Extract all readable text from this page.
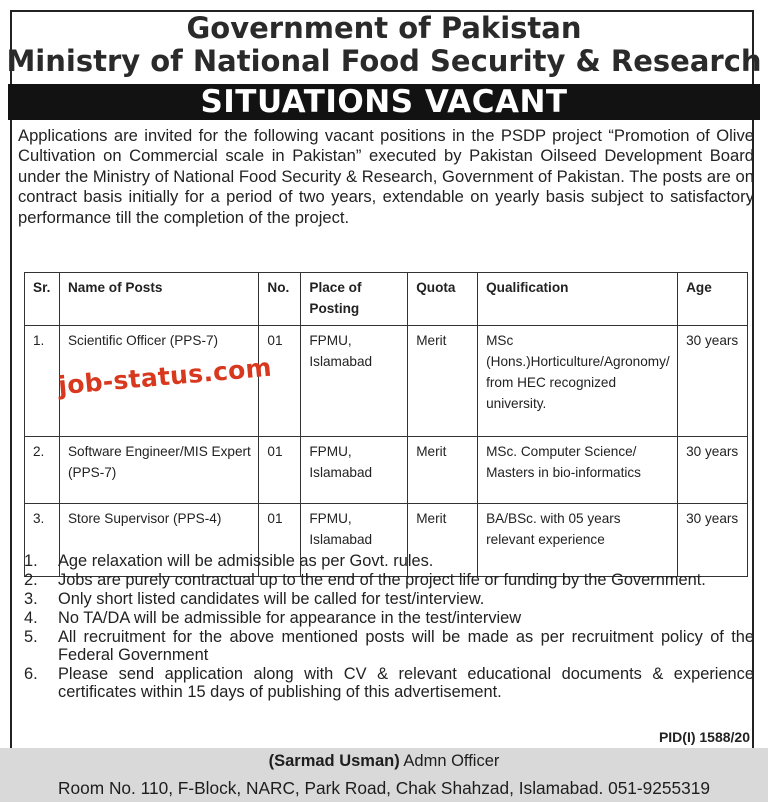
Government of Pakistan
Ministry of National Food Security & Research
SITUATIONS VACANT
Applications are invited for the following vacant positions in the PSDP project “Promotion of Olive Cultivation on Commercial scale in Pakistan” executed by Pakistan Oilseed Development Board under the Ministry of National Food Security & Research, Government of Pakistan. The posts are on contract basis initially for a period of two years, extendable on yearly basis subject to satisfactory performance till the completion of the project.
Sr.	Name of Posts	No.	Place of Posting	Quota	Qualification	Age
1.	Scientific Officer (PPS-7)	01	FPMU, Islamabad	Merit	MSc (Hons.)Horticulture/Agronomy/ from HEC recognized university.	30 years
2.	Software Engineer/MIS Expert (PPS-7)	01	FPMU, Islamabad	Merit	MSc. Computer Science/ Masters in bio-informatics	30 years
3.	Store Supervisor (PPS-4)	01	FPMU, Islamabad	Merit	BA/BSc. with 05 years relevant experience	30 years
job-status.com
1. Age relaxation will be admissible as per Govt. rules.
2. Jobs are purely contractual up to the end of the project life or funding by the Government.
3. Only short listed candidates will be called for test/interview.
4. No TA/DA will be admissible for appearance in the test/interview
5. All recruitment for the above mentioned posts will be made as per recruitment policy of the Federal Government
6. Please send application along with CV & relevant educational documents & experience certificates within 15 days of publishing of this advertisement.
PID(I) 1588/20
(Sarmad Usman) Admn Officer
Room No. 110, F-Block, NARC, Park Road, Chak Shahzad, Islamabad. 051-9255319
